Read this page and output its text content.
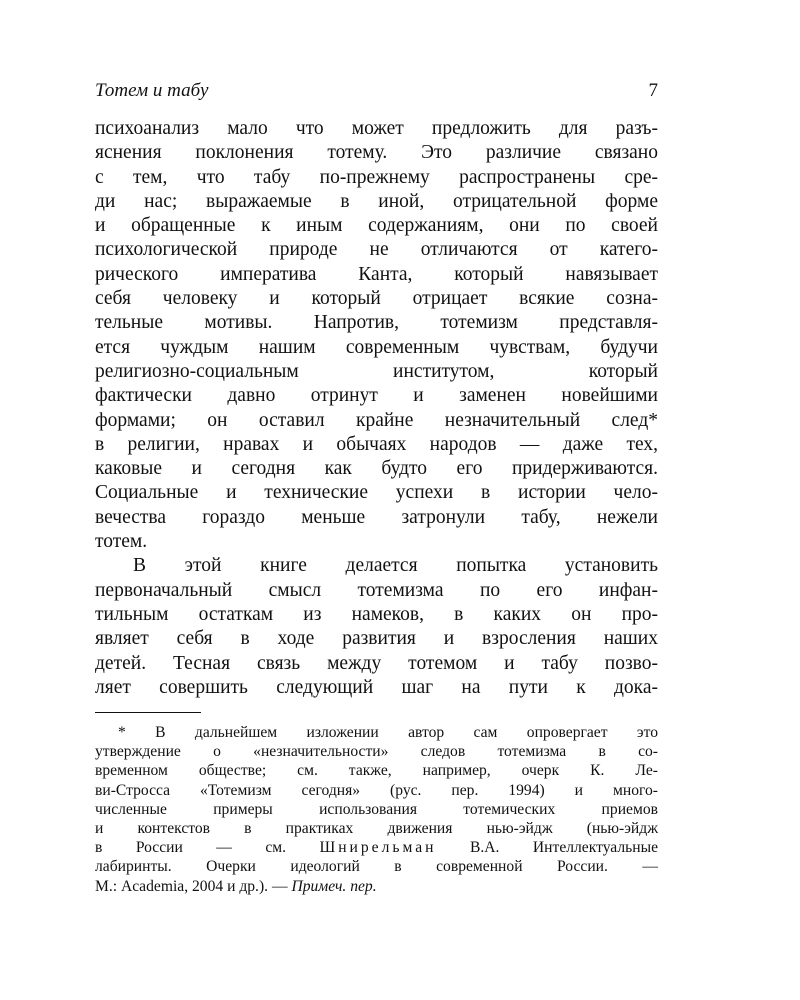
Тотем и табу	7
психоанализ мало что может предложить для разъ-
яснения поклонения тотему. Это различие связано
с тем, что табу по-прежнему распространены сре-
ди нас; выражаемые в иной, отрицательной форме
и обращенные к иным содержаниям, они по своей
психологической природе не отличаются от катего-
рического императива Канта, который навязывает
себя человеку и который отрицает всякие созна-
тельные мотивы. Напротив, тотемизм представля-
ется чуждым нашим современным чувствам, будучи
религиозно-социальным институтом, который
фактически давно отринут и заменен новейшими
формами; он оставил крайне незначительный след*
в религии, нравах и обычаях народов — даже тех,
каковые и сегодня как будто его придерживаются.
Социальные и технические успехи в истории чело-
вечества гораздо меньше затронули табу, нежели
тотем.
В этой книге делается попытка установить
первоначальный смысл тотемизма по его инфан-
тильным остаткам из намеков, в каких он про-
являет себя в ходе развития и взросления наших
детей. Тесная связь между тотемом и табу позво-
ляет совершить следующий шаг на пути к дока-
* В дальнейшем изложении автор сам опровергает это
утверждение о «незначительности» следов тотемизма в со-
временном обществе; см. также, например, очерк К. Ле-
ви-Стросса «Тотемизм сегодня» (рус. пер. 1994) и много-
численные примеры использования тотемических приемов
и контекстов в практиках движения нью-эйдж (нью-эйдж
в России — см. Шнирельман В.А. Интеллектуальные
лабиринты. Очерки идеологий в современной России. —
М.: Academia, 2004 и др.). — Примеч. пер.
